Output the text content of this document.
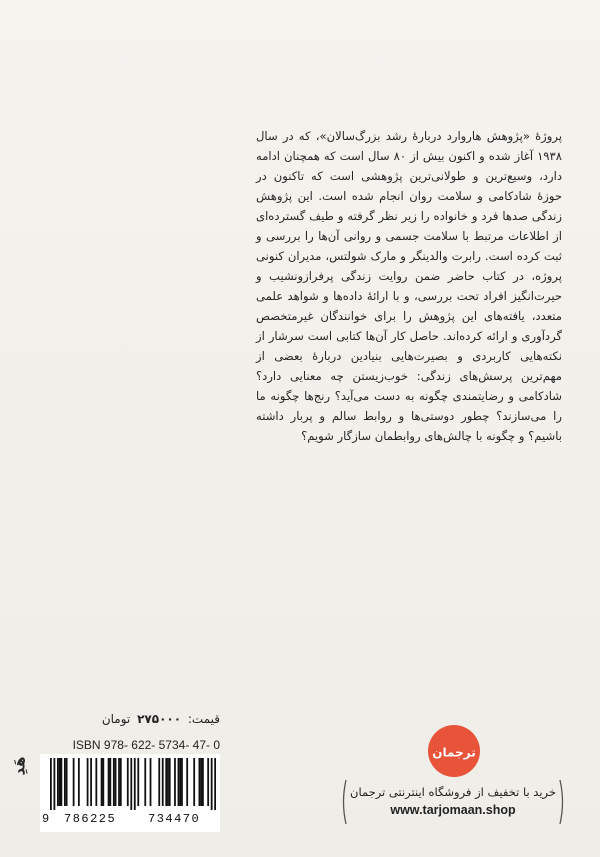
پروژهٔ «پژوهش هاروارد دربارهٔ رشد بزرگ‌سالان»، که در سال ۱۹۳۸ آغاز شده و اکنون بیش از ۸۰ سال است که همچنان ادامه دارد، وسیع‌ترین و طولانی‌ترین پژوهشی است که تاکنون در حوزهٔ شادکامی و سلامت روان انجام شده است. این پژوهش زندگی صدها فرد و خانواده را زیر نظر گرفته و طیف گسترده‌ای از اطلاعات مرتبط با سلامت جسمی و روانی آن‌ها را بررسی و ثبت کرده است. رابرت والدینگر و مارک شولتس، مدیران کنونی پروژه، در کتاب حاضر ضمن روایت زندگی پرفرازونشیب و حیرت‌انگیز افراد تحت بررسی، و با ارائهٔ داده‌ها و شواهد علمی متعدد، یافته‌های این پژوهش را برای خوانندگان غیرمتخصص گردآوری و ارائه کرده‌اند. حاصل کار آن‌ها کتابی است سرشار از نکته‌هایی کاربردی و بصیرت‌هایی بنیادین دربارهٔ بعضی از مهم‌ترین پرسش‌های زندگی: خوب‌زیستن چه معنایی دارد؟ شادکامی و رضایتمندی چگونه به دست می‌آید؟ رنج‌ها چگونه ما را می‌سازند؟ چطور دوستی‌ها و روابط سالم و پربار داشته باشیم؟ و چگونه با چالش‌های روابطمان سازگار شویم؟

قیمت: ۲۷۵۰۰۰ تومان
ISBN 978- 622- 5734- 47- 0
9 786225	734470
هَدِ
ترجمان
خرید با تخفیف از فروشگاه اینترنتی ترجمان
www.tarjomaan.shop
